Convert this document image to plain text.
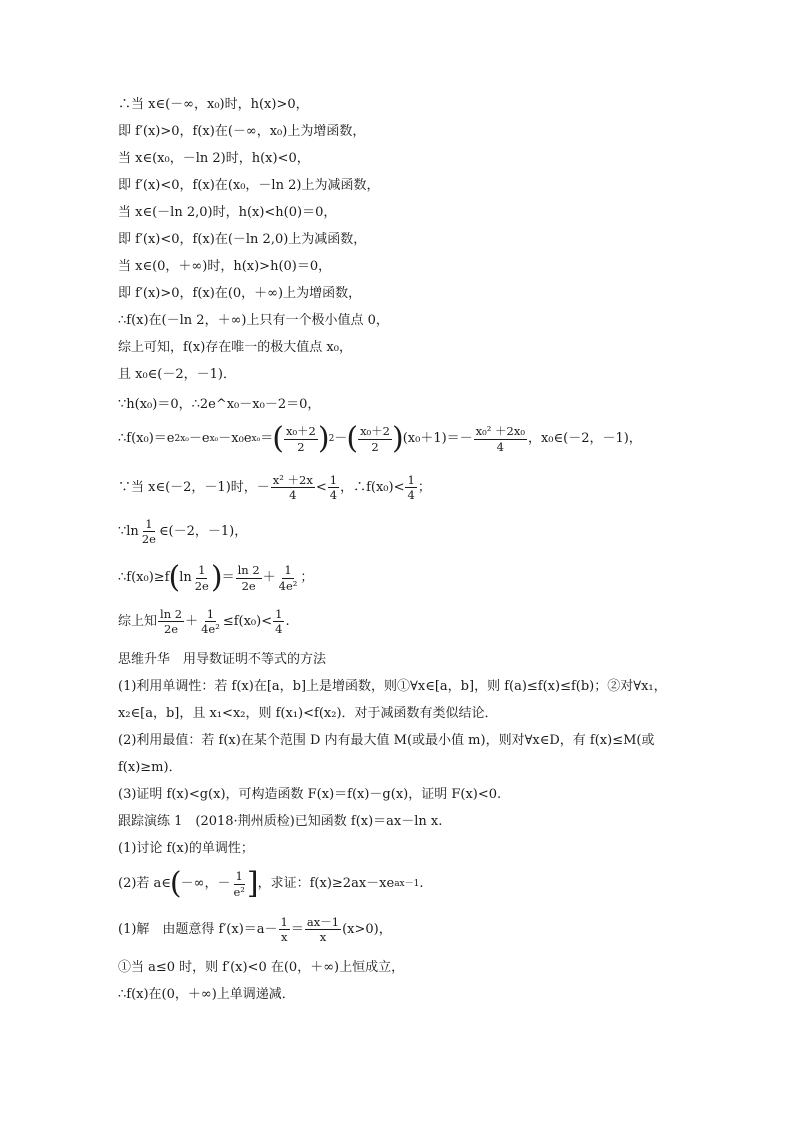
∴当 x∈(－∞，x₀)时，h(x)>0，
即 f′(x)>0，f(x)在(－∞，x₀)上为增函数，
当 x∈(x₀，－ln 2)时，h(x)<0，
即 f′(x)<0，f(x)在(x₀，－ln 2)上为减函数，
当 x∈(－ln 2,0)时，h(x)<h(0)＝0，
即 f′(x)<0，f(x)在(－ln 2,0)上为减函数，
当 x∈(0，＋∞)时，h(x)>h(0)＝0，
即 f′(x)>0，f(x)在(0，＋∞)上为增函数，
∴f(x)在(－ln 2，＋∞)上只有一个极小值点 0，
综上可知，f(x)存在唯一的极大值点 x₀，
且 x₀∈(－2，－1)．
∵h(x₀)＝0，∴2e^x₀－x₀－2＝0，
∴f(x₀)＝e 2x₀ －e x₀ －x₀e x₀ ＝ ( $\frac{\text{x₀＋2}}{2}$ ) 2 － ( $\frac{\text{x₀＋2}}{2}$ ) $(x_0+1)=- \frac{\text{x₀² ＋2x₀}}{4}$ ，x₀∈(－2，－1)，
∵当 x∈(－2，－1)时，－ $\frac{\text{x² ＋2x}}{4} < \frac{1}{4}$ ，∴f(x₀)< $\frac{1}{4}$ ；
∵ln $\frac{1}{2e}$ ∈(－2，－1)，
∴f(x₀)≥f ( $\ln \frac{1}{2e}$ ) ＝ $\frac{\ln 2}{2e} + \frac{1}{\text{4e²}}$ ；
综上知 $\frac{\ln 2}{2e} + \frac{1}{\text{4e²}} \le f(x_0)< \frac{1}{4}$ .
思维升华　用导数证明不等式的方法
(1)利用单调性：若 f(x)在[a，b]上是增函数，则①∀x∈[a，b]，则 f(a)≤f(x)≤f(b)；②对∀x₁，
x₂∈[a，b]，且 x₁<x₂，则 f(x₁)<f(x₂)．对于减函数有类似结论．
(2)利用最值：若 f(x)在某个范围 D 内有最大值 M(或最小值 m)，则对∀x∈D，有 f(x)≤M(或
f(x)≥m)．
(3)证明 f(x)<g(x)，可构造函数 F(x)＝f(x)－g(x)，证明 F(x)<0.
跟踪演练 1　(2018·荆州质检)已知函数 f(x)＝ax－ln x.
(1)讨论 f(x)的单调性；
(2)若 a∈ ( －∞，－ $\frac{1}{\text{e²}}$ ] ，求证：f(x)≥2ax－xe ax－1 .
(1)解　由题意得 $f'(x)=a- \frac{1}{x} = \frac{ax-1}{x} (x>0)$，
①当 a≤0 时，则 f′(x)<0 在(0，＋∞)上恒成立，
∴f(x)在(0，＋∞)上单调递减．
